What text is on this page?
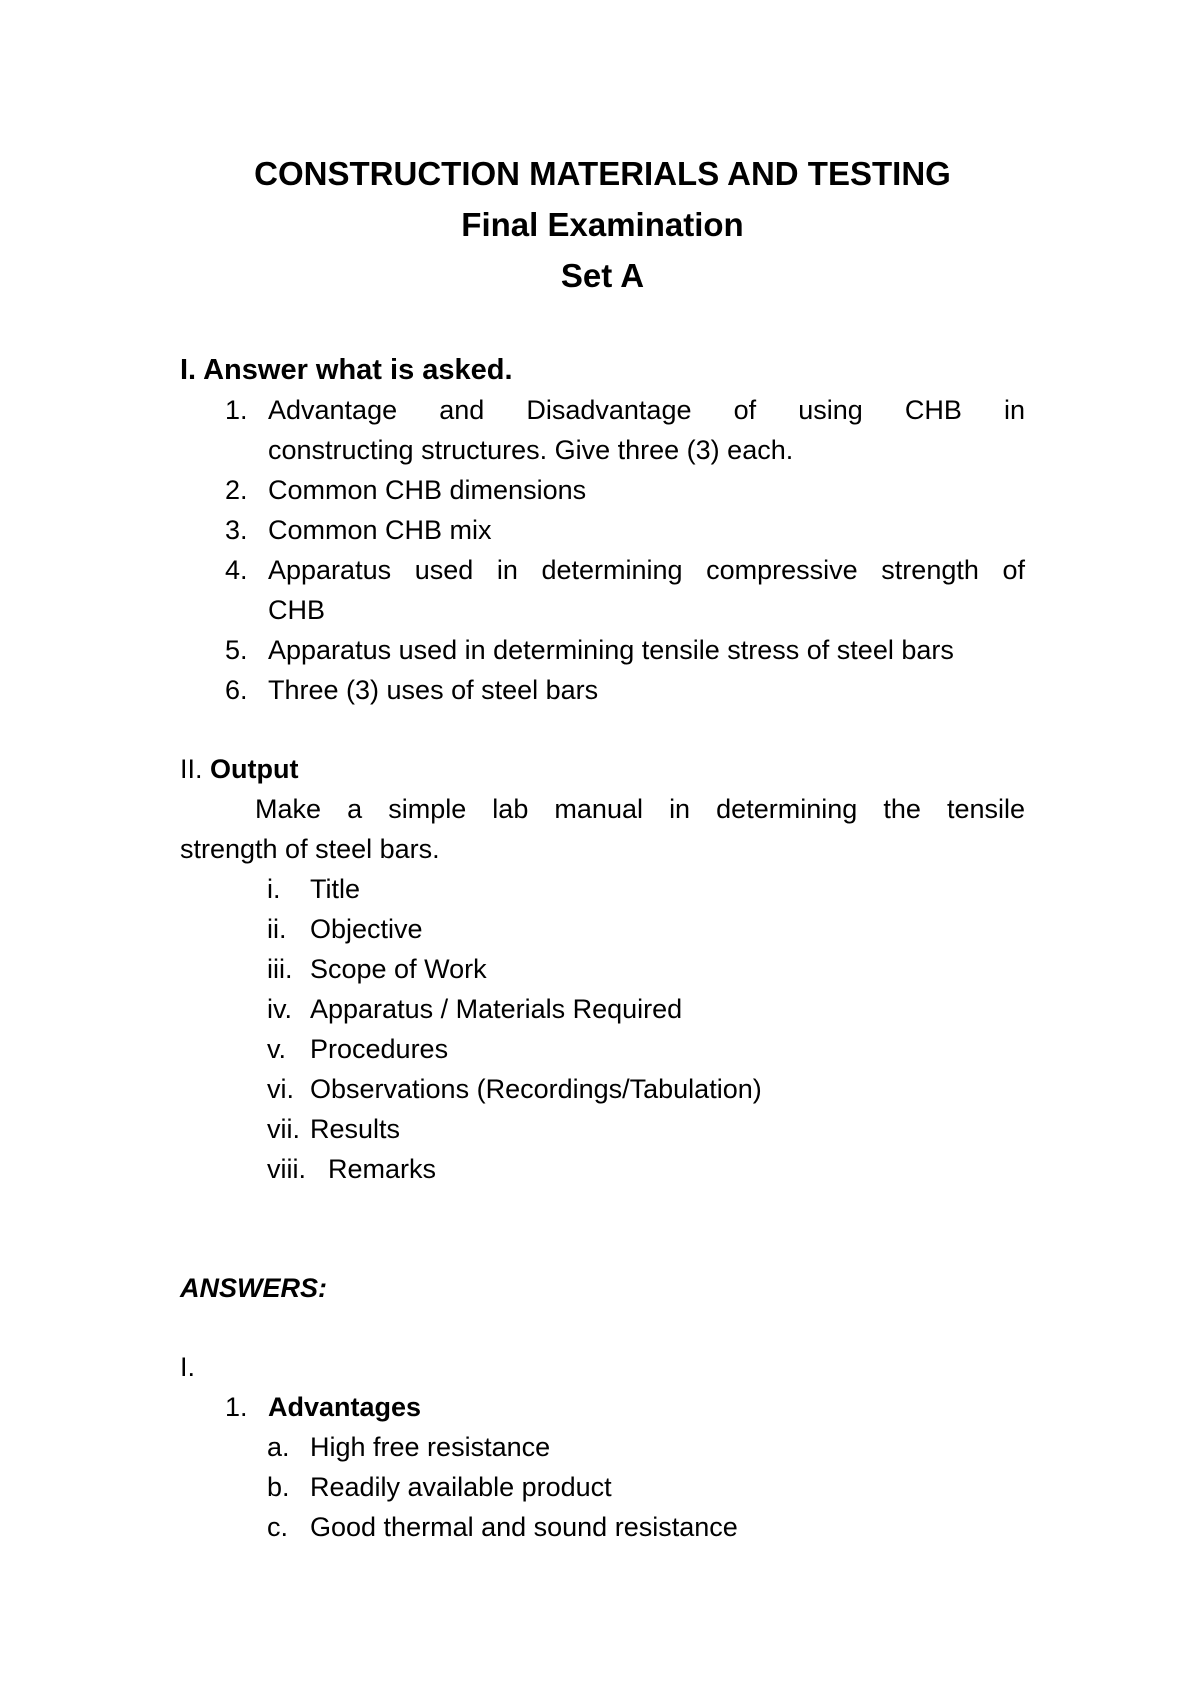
CONSTRUCTION MATERIALS AND TESTING
Final Examination
Set A
I. Answer what is asked.
1. Advantage and Disadvantage of using CHB in
constructing structures. Give three (3) each.
2. Common CHB dimensions
3. Common CHB mix
4. Apparatus used in determining compressive strength of
CHB
5. Apparatus used in determining tensile stress of steel bars
6. Three (3) uses of steel bars
II. Output
Make a simple lab manual in determining the tensile
strength of steel bars.
i. Title
ii. Objective
iii. Scope of Work
iv. Apparatus / Materials Required
v. Procedures
vi. Observations (Recordings/Tabulation)
vii. Results
viii. Remarks
ANSWERS:
I.
1. Advantages
a. High free resistance
b. Readily available product
c. Good thermal and sound resistance
